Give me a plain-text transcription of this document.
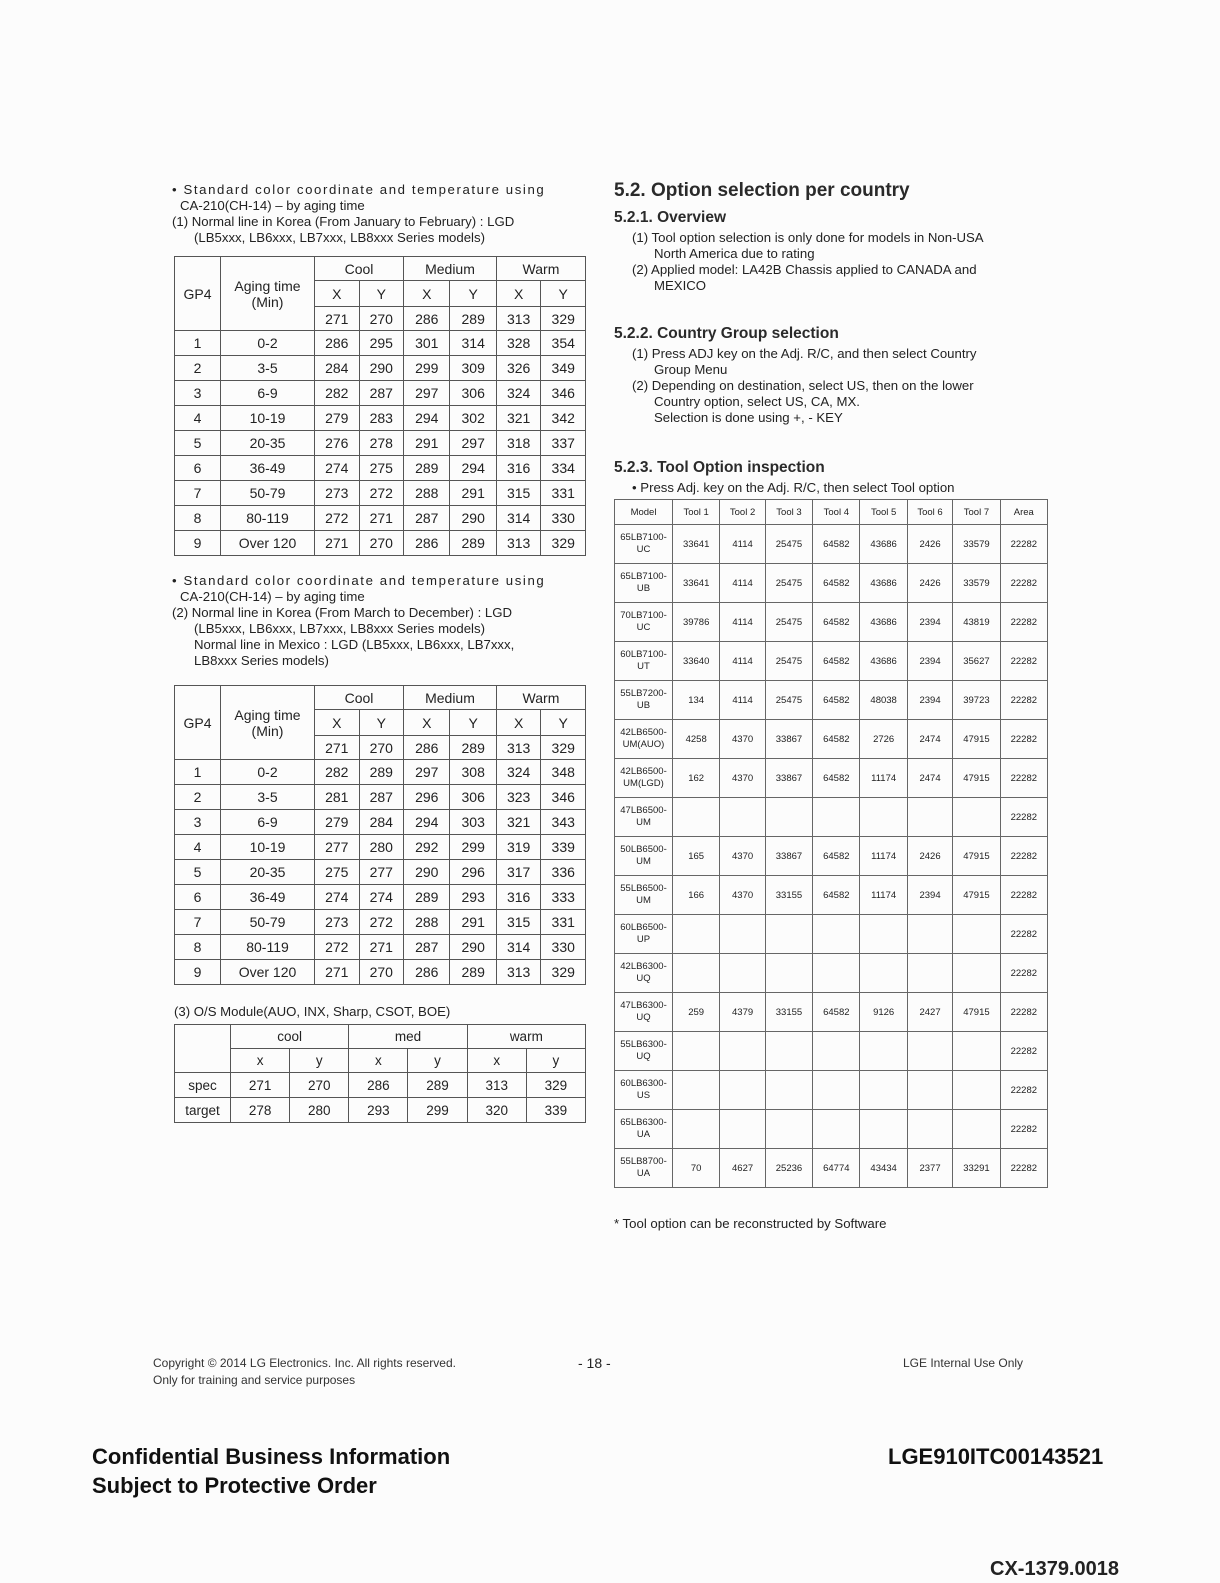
• Standard color coordinate and temperature using

CA-210(CH-14) – by aging time

(1) Normal line in Korea (From January to February) : LGD

(LB5xxx, LB6xxx, LB7xxx, LB8xxx Series models)

GP4	Aging time (Min)	Cool		Medium		Warm	
		X	Y	X	Y	X	Y
		271	270	286	289	313	329
1	0-2	286	295	301	314	328	354
2	3-5	284	290	299	309	326	349
3	6-9	282	287	297	306	324	346
4	10-19	279	283	294	302	321	342
5	20-35	276	278	291	297	318	337
6	36-49	274	275	289	294	316	334
7	50-79	273	272	288	291	315	331
8	80-119	272	271	287	290	314	330
9	Over 120	271	270	286	289	313	329

• Standard color coordinate and temperature using

CA-210(CH-14) – by aging time

(2) Normal line in Korea (From March to December) : LGD

(LB5xxx, LB6xxx, LB7xxx, LB8xxx Series models)

Normal line in Mexico : LGD (LB5xxx, LB6xxx, LB7xxx,

LB8xxx Series models)

GP4	Aging time (Min)	Cool		Medium		Warm	
		X	Y	X	Y	X	Y
		271	270	286	289	313	329
1	0-2	282	289	297	308	324	348
2	3-5	281	287	296	306	323	346
3	6-9	279	284	294	303	321	343
4	10-19	277	280	292	299	319	339
5	20-35	275	277	290	296	317	336
6	36-49	274	274	289	293	316	333
7	50-79	273	272	288	291	315	331
8	80-119	272	271	287	290	314	330
9	Over 120	271	270	286	289	313	329
(3) O/S Module(AUO, INX, Sharp, CSOT, BOE)
	cool		med		warm	
	x	y	x	y	x	y
spec	271	270	286	289	313	329
target	278	280	293	299	320	339
5.2. Option selection per country
5.2.1. Overview

(1) Tool option selection is only done for models in Non-USA

North America due to rating

(2) Applied model: LA42B Chassis applied to CANADA and

MEXICO

5.2.2. Country Group selection

(1) Press ADJ key on the Adj. R/C, and then select Country

Group Menu

(2) Depending on destination, select US, then on the lower

Country option, select US, CA, MX.

Selection is done using +, - KEY

5.2.3. Tool Option inspection
• Press Adj. key on the Adj. R/C, then select Tool option
Model	Tool 1	Tool 2	Tool 3	Tool 4	Tool 5	Tool 6	Tool 7	Area

65LB7100-
UC	33641	4114	25475	64582	43686	2426	33579	22282

65LB7100-
UB	33641	4114	25475	64582	43686	2426	33579	22282

70LB7100-
UC	39786	4114	25475	64582	43686	2394	43819	22282

60LB7100-
UT	33640	4114	25475	64582	43686	2394	35627	22282

55LB7200-
UB	134	4114	25475	64582	48038	2394	39723	22282

42LB6500-
UM(AUO)	4258	4370	33867	64582	2726	2474	47915	22282

42LB6500-
UM(LGD)	162	4370	33867	64582	11174	2474	47915	22282

47LB6500-
UM								22282

50LB6500-
UM	165	4370	33867	64582	11174	2426	47915	22282

55LB6500-
UM	166	4370	33155	64582	11174	2394	47915	22282

60LB6500-
UP								22282

42LB6300-
UQ								22282

47LB6300-
UQ	259	4379	33155	64582	9126	2427	47915	22282

55LB6300-
UQ								22282

60LB6300-
US								22282

65LB6300-
UA								22282

55LB8700-
UA	70	4627	25236	64774	43434	2377	33291	22282
* Tool option can be reconstructed by Software
Copyright © 2014 LG Electronics. Inc. All rights reserved.
Only for training and service purposes
- 18 -	LGE Internal Use Only
Confidential Business Information
Subject to Protective Order
LGE910ITC00143521
CX-1379.0018
